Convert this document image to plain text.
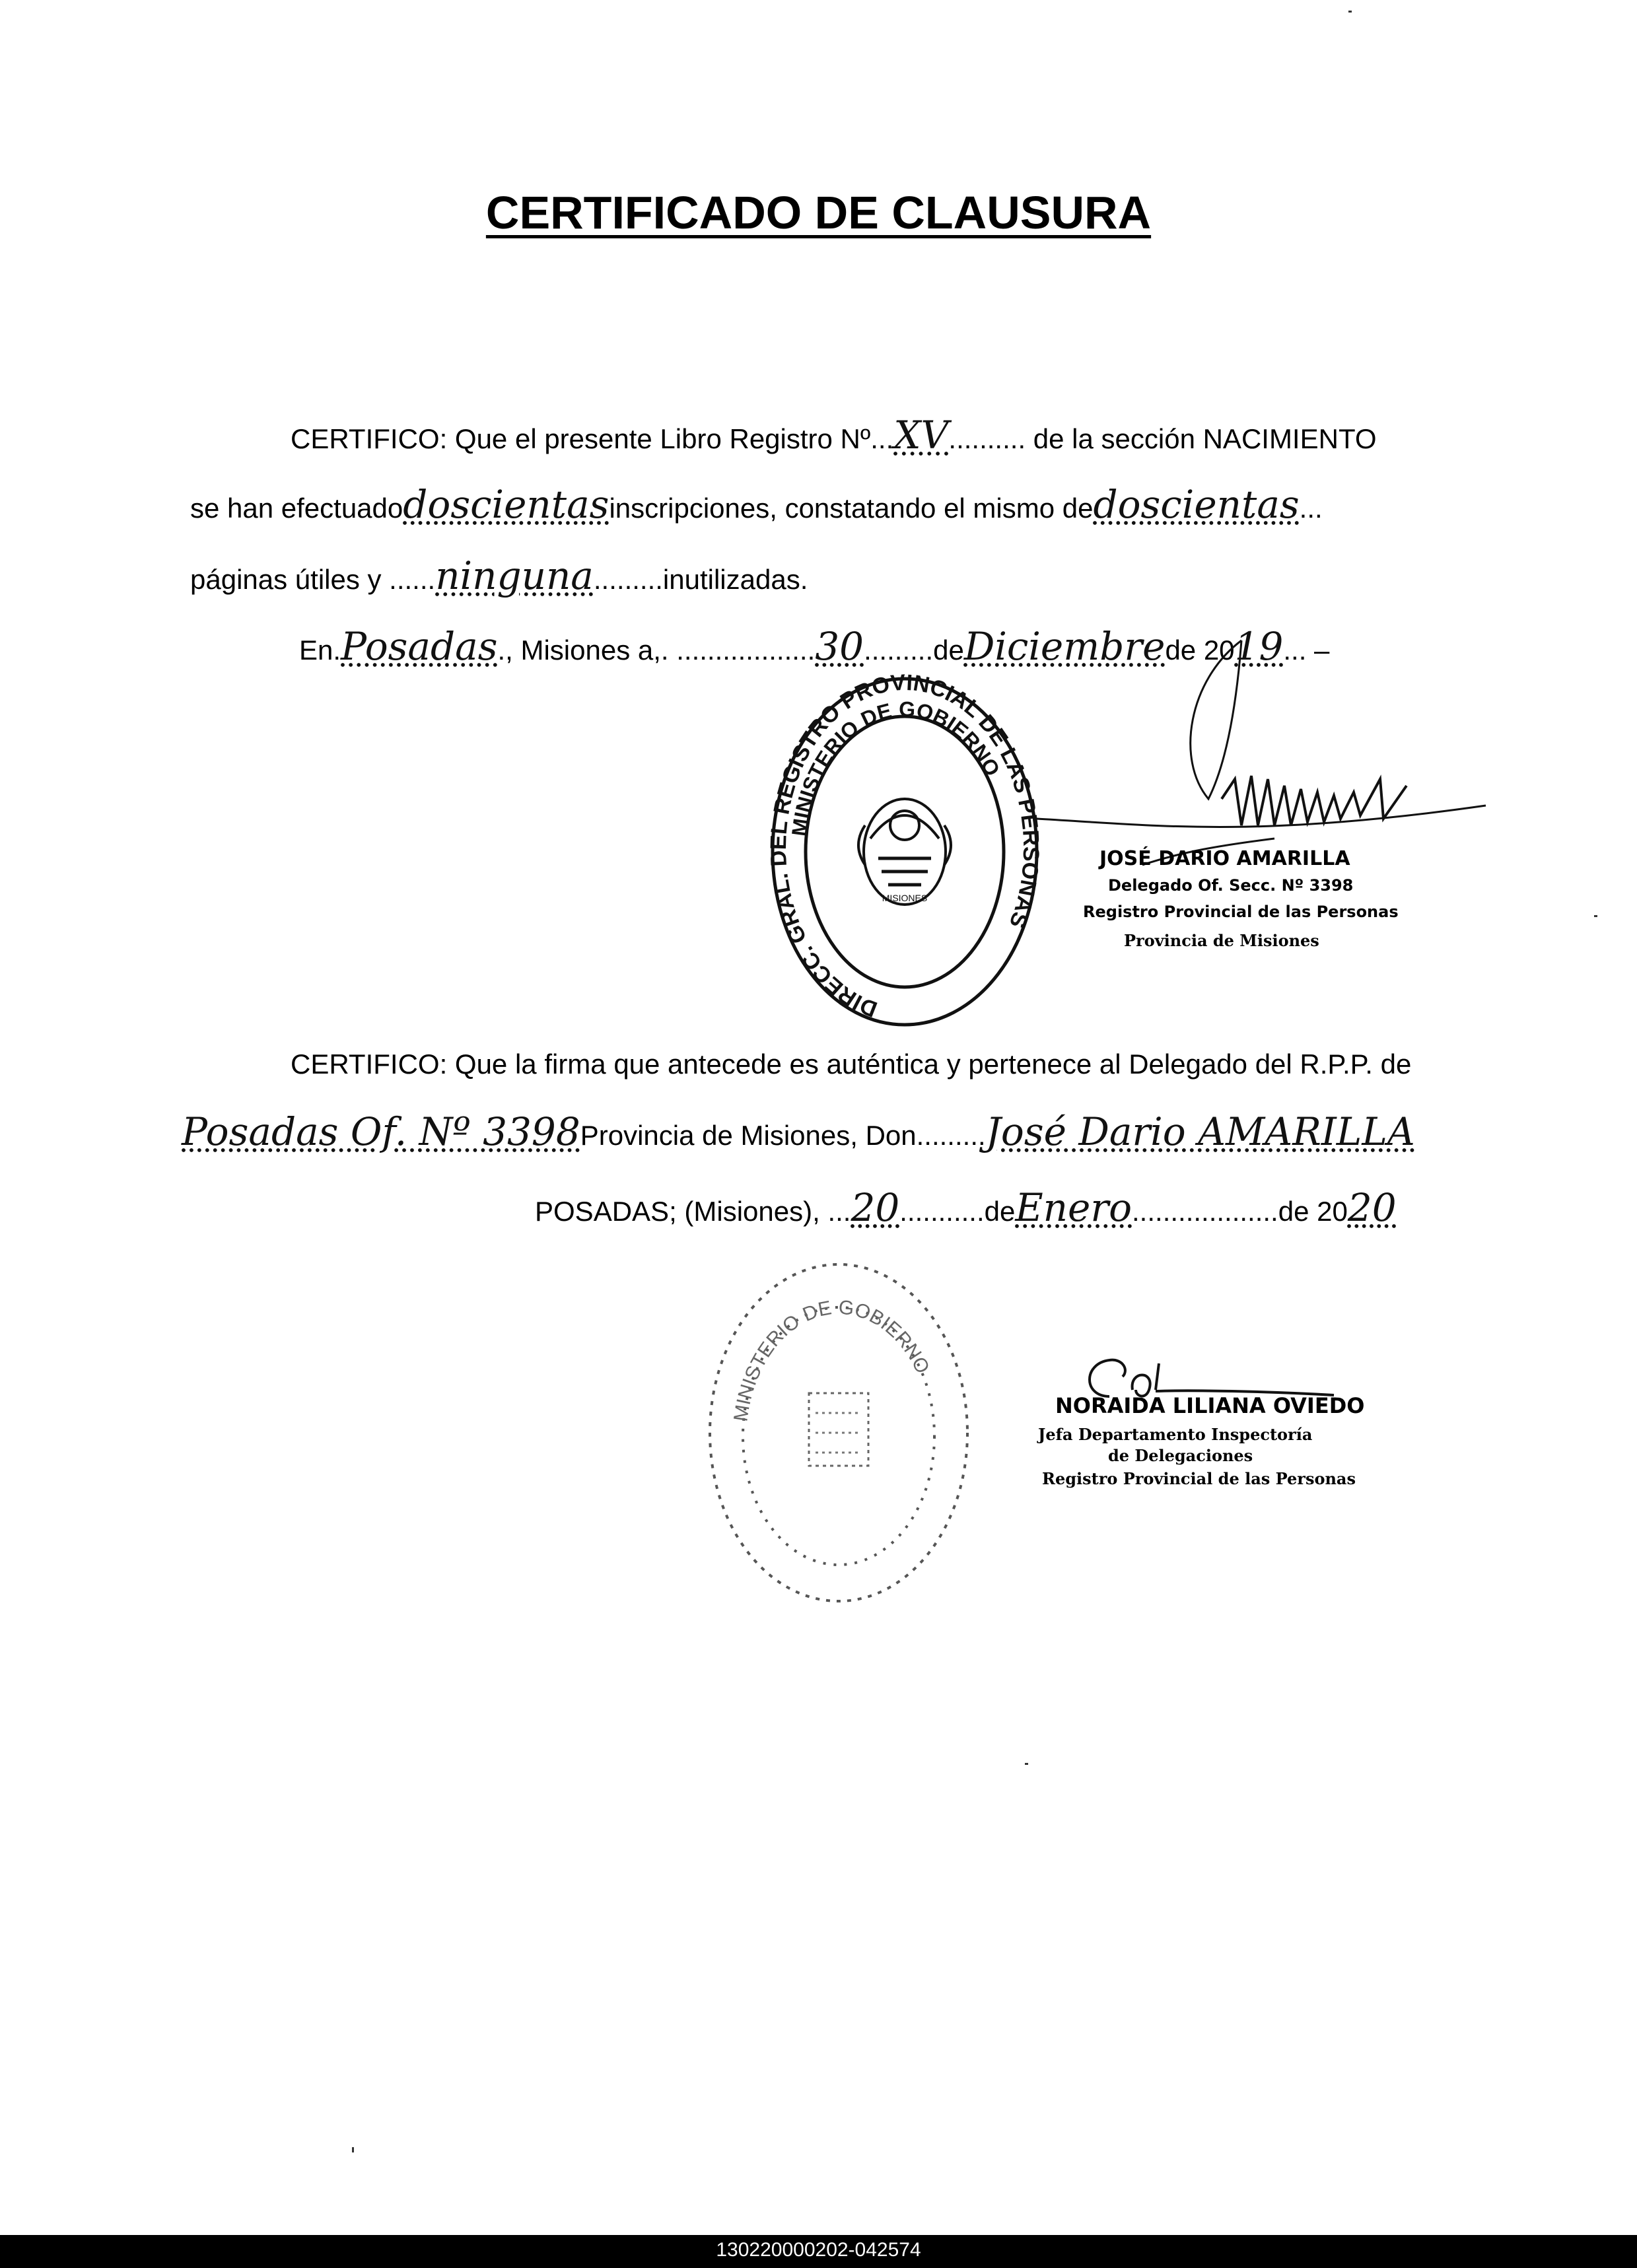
CERTIFICADO DE CLAUSURA
CERTIFICO: Que el presente Libro Registro Nº...XV.......... de la sección NACIMIENTO
se han efectuadodoscientasinscripciones, constatando el mismo dedoscientas...
páginas útiles y ......ninguna.........inutilizadas.
En.Posadas., Misiones a,. ..................30.........deDiciembrede 2019... –
DIRECC. GRAL. DEL REGISTRO PROVINCIAL DE LAS PERSONAS
MINISTERIO DE GOBIERNO
MISIONES
JOSÉ DARIO AMARILLA
Delegado Of. Secc. Nº 3398
Registro Provincial de las Personas
Provincia de Misiones
CERTIFICO: Que la firma que antecede es auténtica y pertenece al Delegado del R.P.P. de
Posadas Of. Nº 3398Provincia de Misiones, Don.........José Dario AMARILLA
POSADAS; (Misiones), ...20...........deEnero...................de 2020
MINISTERIO DE GOBIERNO
NORAIDA LILIANA OVIEDO
Jefa Departamento Inspectoría
de Delegaciones
Registro Provincial de las Personas
130220000202-042574
